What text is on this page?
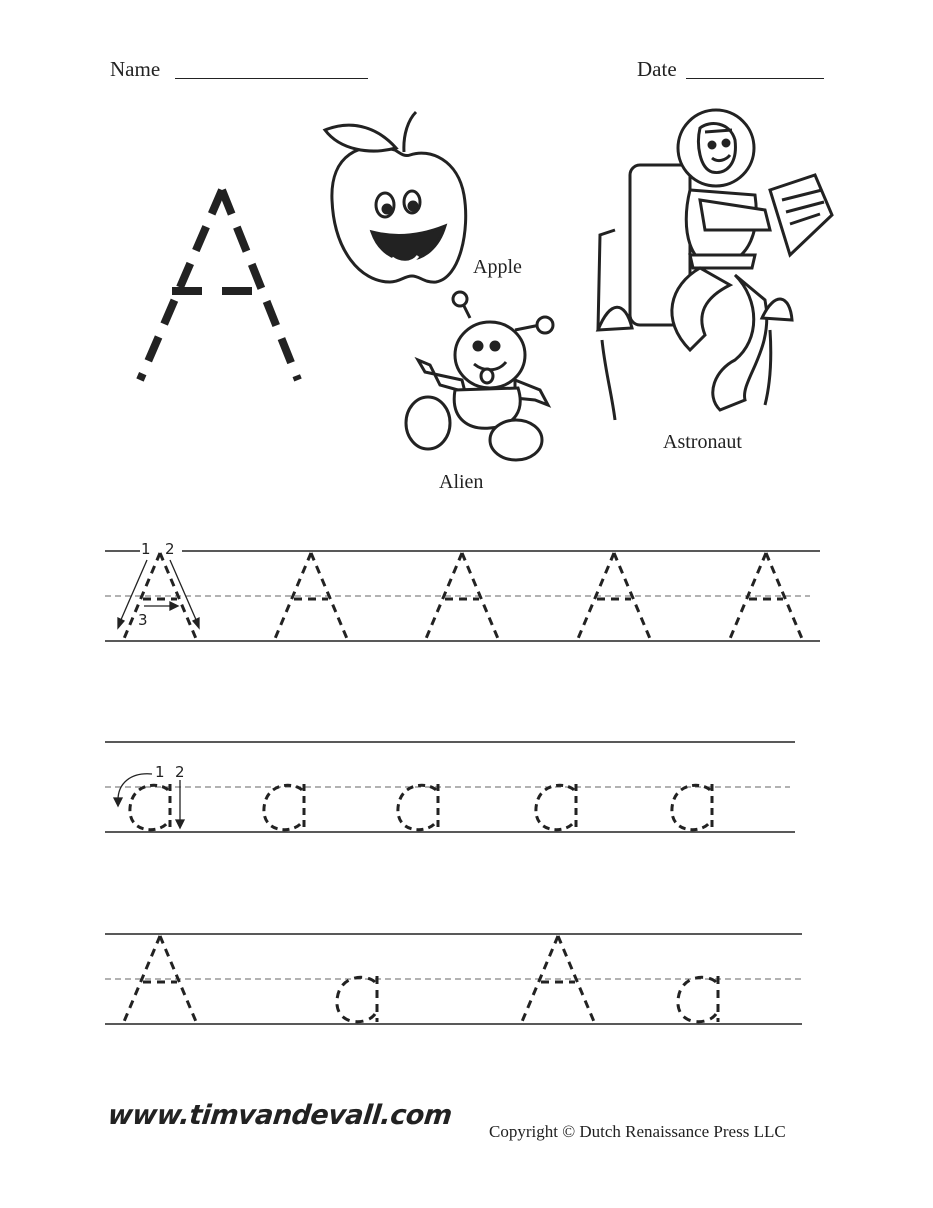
Name	Date
Apple
Alien
Astronaut
1 2
3
1 2
www.timvandevall.com
Copyright © Dutch Renaissance Press LLC
